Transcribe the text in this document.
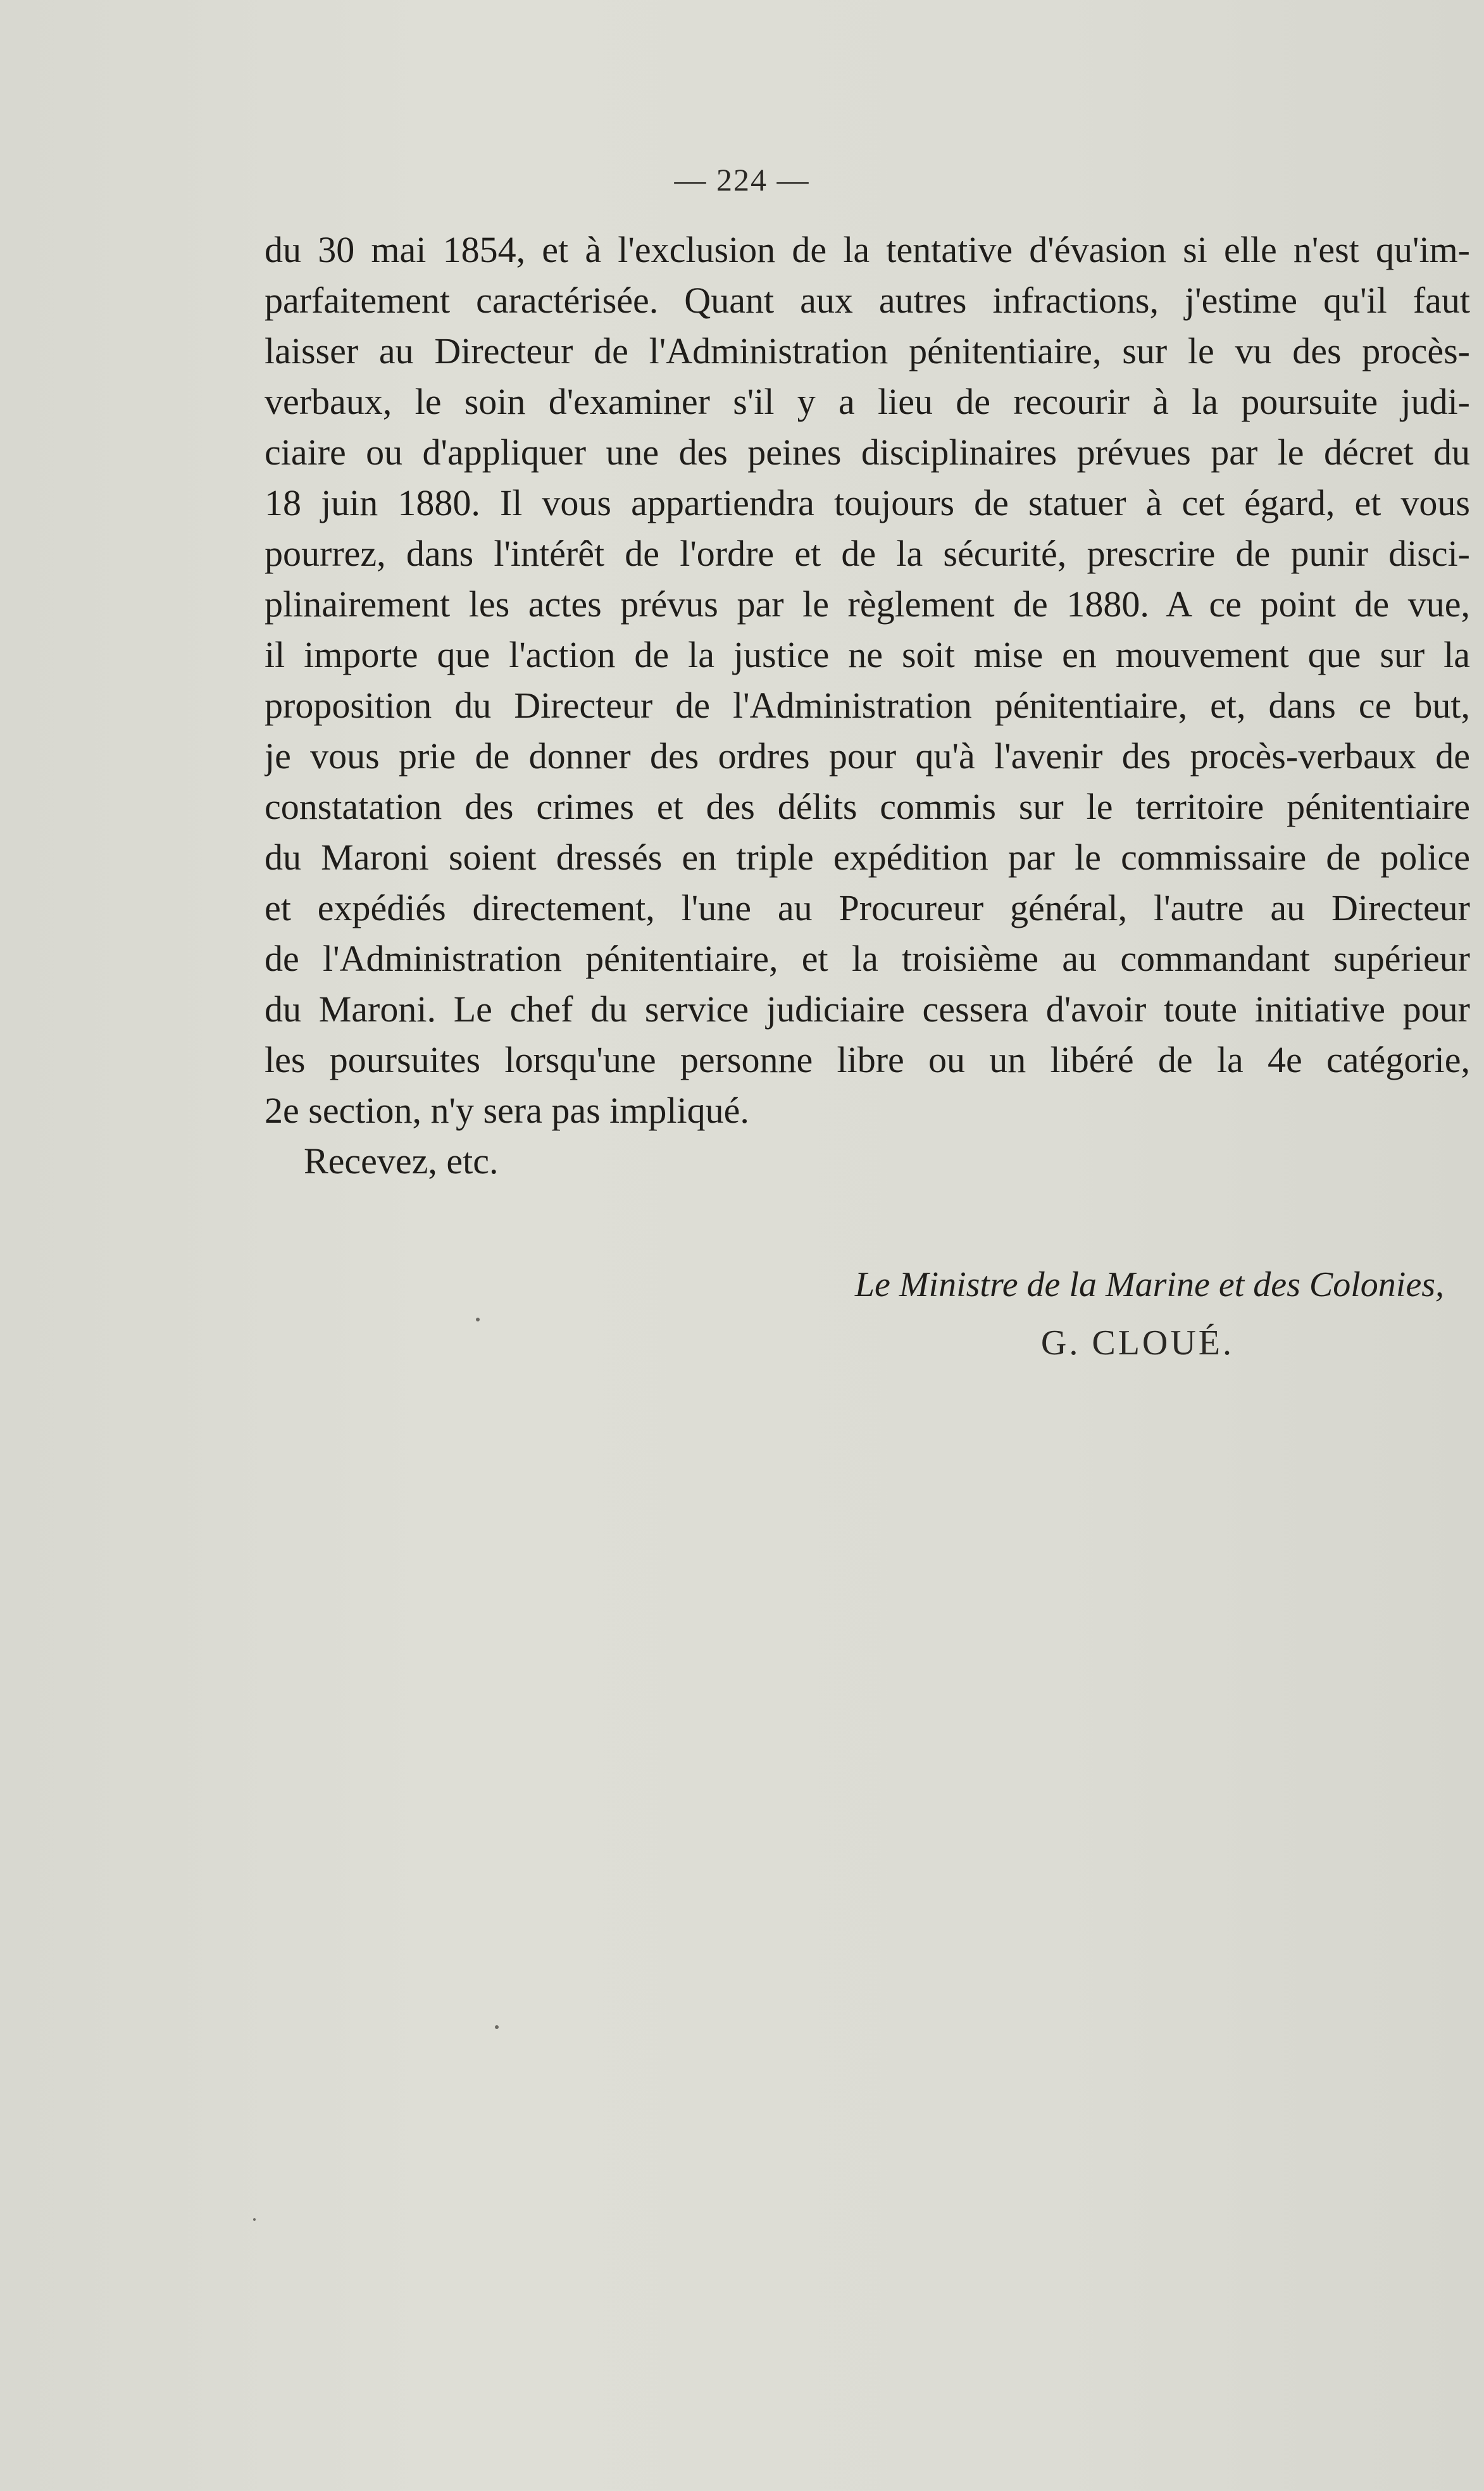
— 224 —
du 30 mai 1854, et à l'exclusion de la tentative d'évasion si elle n'est qu'im-
parfaitement caractérisée. Quant aux autres infractions, j'estime qu'il faut
laisser au Directeur de l'Administration pénitentiaire, sur le vu des procès-
verbaux, le soin d'examiner s'il y a lieu de recourir à la poursuite judi-
ciaire ou d'appliquer une des peines disciplinaires prévues par le décret du
18 juin 1880. Il vous appartiendra toujours de statuer à cet égard, et vous
pourrez, dans l'intérêt de l'ordre et de la sécurité, prescrire de punir disci-
plinairement les actes prévus par le règlement de 1880. A ce point de vue,
il importe que l'action de la justice ne soit mise en mouvement que sur la
proposition du Directeur de l'Administration pénitentiaire, et, dans ce but,
je vous prie de donner des ordres pour qu'à l'avenir des procès-verbaux de
constatation des crimes et des délits commis sur le territoire pénitentiaire
du Maroni soient dressés en triple expédition par le commissaire de police
et expédiés directement, l'une au Procureur général, l'autre au Directeur
de l'Administration pénitentiaire, et la troisième au commandant supérieur
du Maroni. Le chef du service judiciaire cessera d'avoir toute initiative pour
les poursuites lorsqu'une personne libre ou un libéré de la 4e catégorie,
2e section, n'y sera pas impliqué.
Recevez, etc.
Le Ministre de la Marine et des Colonies,
G. CLOUÉ.
